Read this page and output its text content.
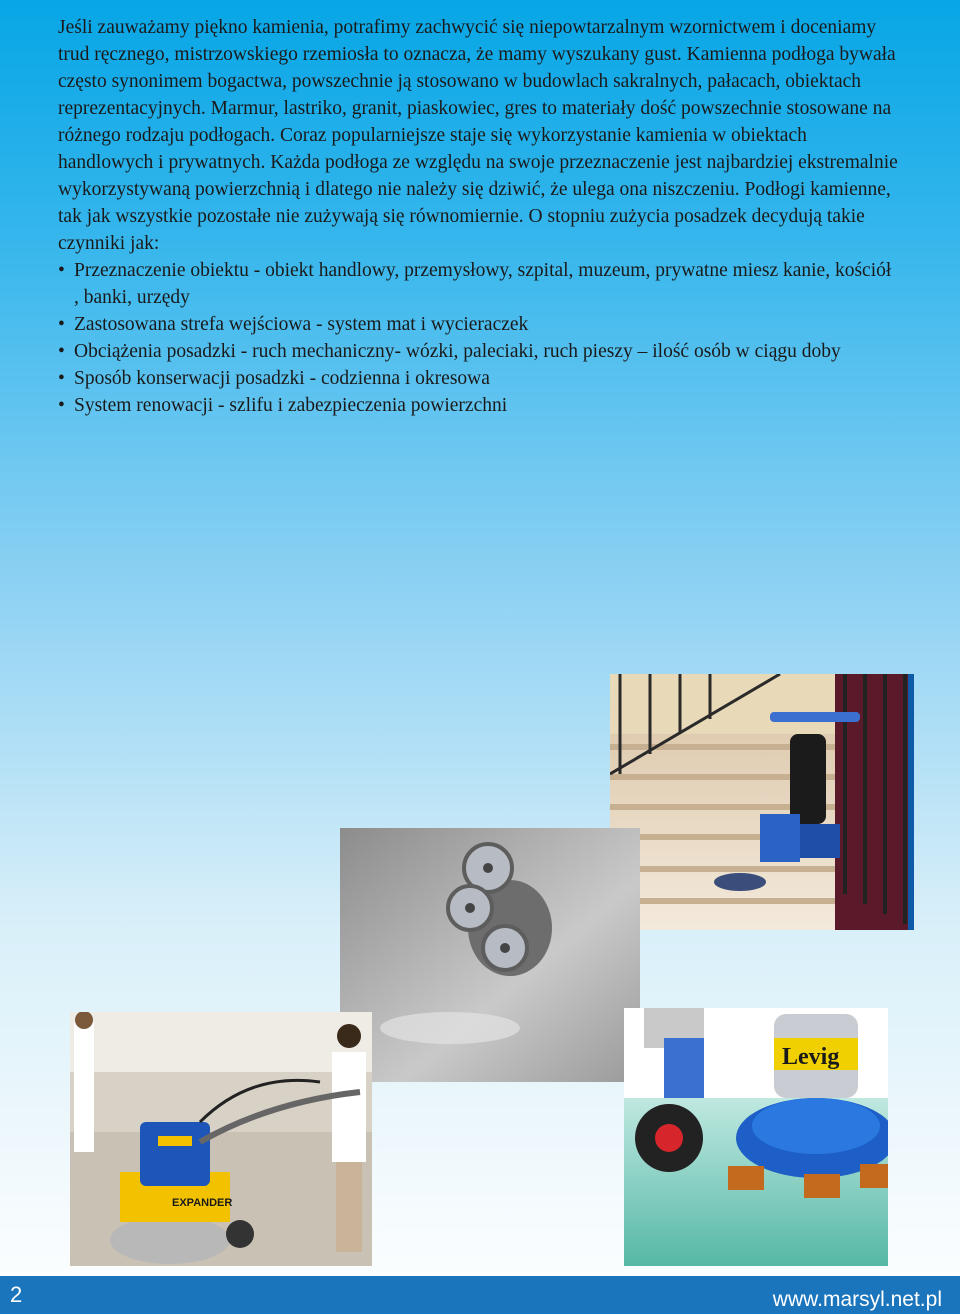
Jeśli zauważamy piękno kamienia, potrafimy zachwycić się niepowtarzalnym wzornictwem i doceniamy trud ręcznego, mistrzowskiego rzemiosła to oznacza, że mamy wyszukany gust. Kamienna podłoga bywała często synonimem bogactwa, powszechnie ją stosowano w budowlach sakralnych, pałacach, obiektach reprezentacyjnych. Marmur, lastriko, granit, piaskowiec, gres to materiały dość powszechnie stosowane na różnego rodzaju podłogach. Coraz popularniejsze staje się wykorzystanie kamienia w obiektach handlowych i prywatnych. Każda podłoga ze względu na swoje przeznaczenie jest najbardziej ekstremalnie wykorzystywaną powierzchnią i dlatego nie należy się dziwić, że ulega ona niszczeniu. Podłogi kamienne, tak jak wszystkie pozostałe nie zużywają się równomiernie. O stopniu zużycia posadzek decydują takie czynniki jak:

• Przeznaczenie obiektu - obiekt handlowy, przemysłowy, szpital, muzeum, prywatne miesz kanie, kościół , banki, urzędy
• Zastosowana strefa wejściowa - system mat i wycieraczek
• Obciążenia posadzki - ruch mechaniczny- wózki, paleciaki, ruch pieszy – ilość osób w ciągu doby
• Sposób konserwacji posadzki - codzienna i okresowa
• System renowacji - szlifu i zabezpieczenia powierzchni
EXPANDER
Levig
2	www.marsyl.net.pl
